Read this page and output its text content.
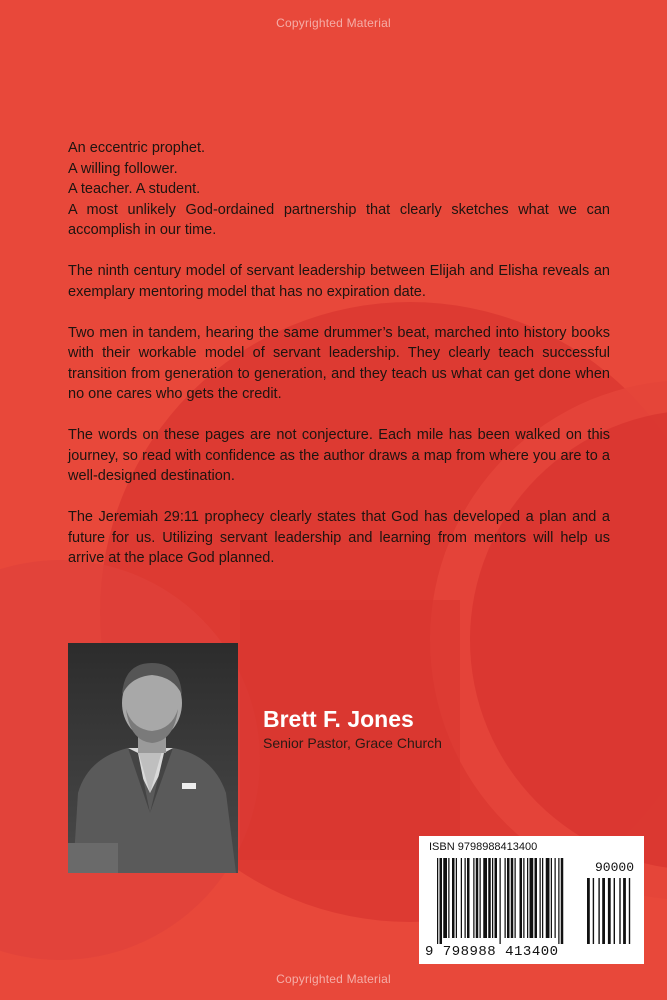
Copyrighted Material
An eccentric prophet.
A willing follower.
A teacher. A student.
A most unlikely God-ordained partnership that clearly sketches what we can accomplish in our time.

The ninth century model of servant leadership between Elijah and Elisha reveals an exemplary mentoring model that has no expiration date.

Two men in tandem, hearing the same drummer’s beat, marched into history books with their workable model of servant leadership. They clearly teach successful transition from generation to generation, and they teach us what can get done when no one cares who gets the credit.

The words on these pages are not conjecture. Each mile has been walked on this journey, so read with confidence as the author draws a map from where you are to a well-designed destination.

The Jeremiah 29:11 prophecy clearly states that God has developed a plan and a future for us. Utilizing servant leadership and learning from mentors will help us arrive at the place God planned.

Brett F. Jones
Senior Pastor, Grace Church
ISBN 9798988413400
90000
9 798988 413400
Copyrighted Material
